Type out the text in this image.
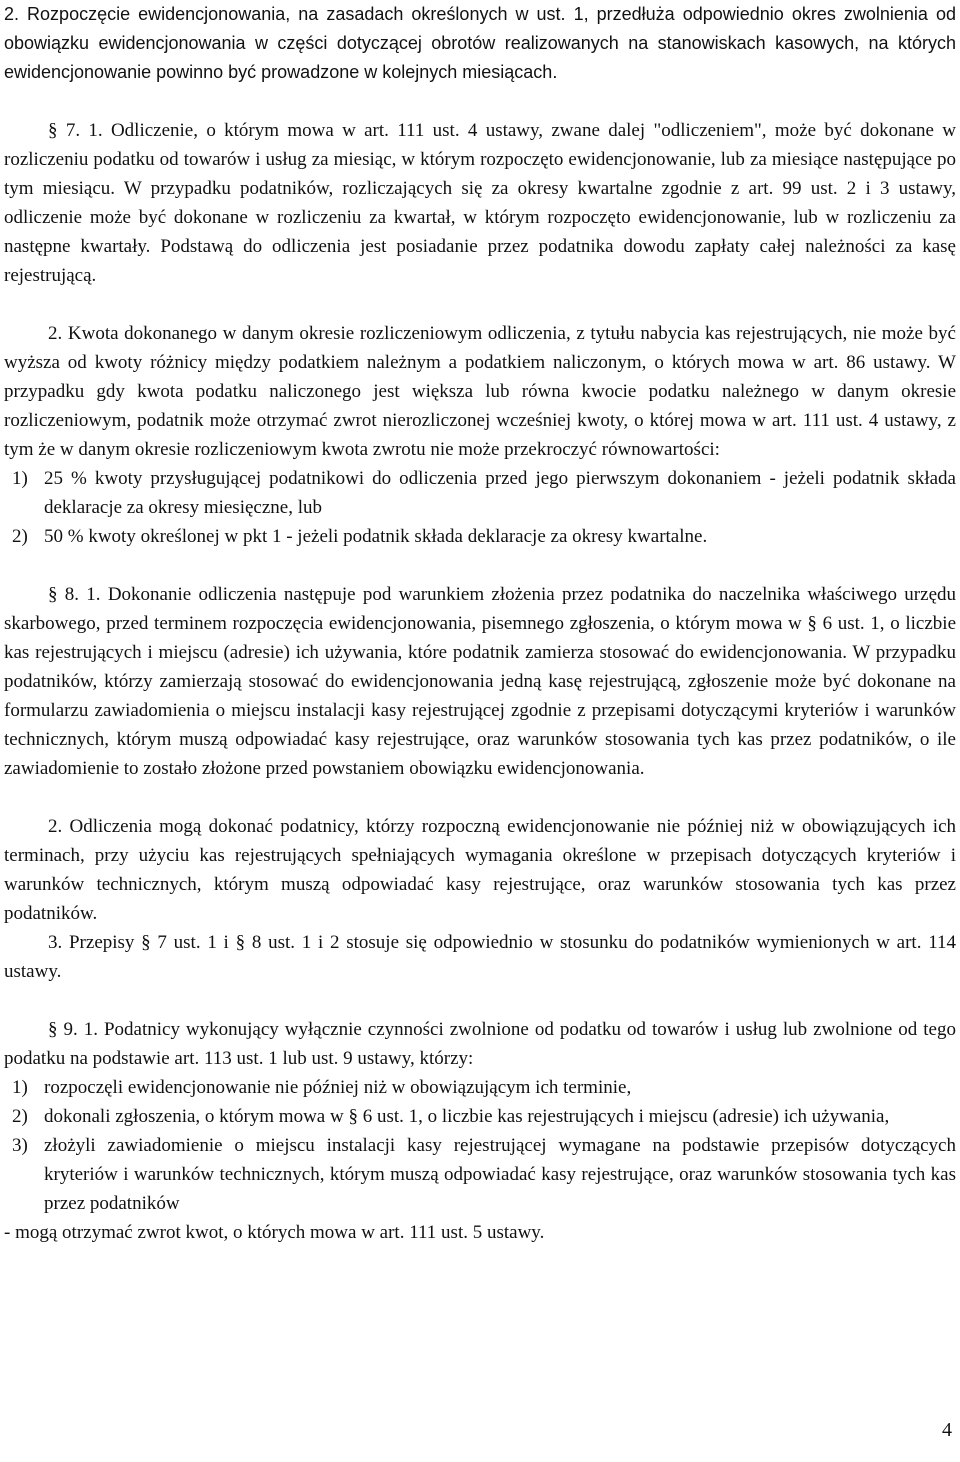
2. Rozpoczęcie ewidencjonowania, na zasadach określonych w ust. 1, przedłuża odpowiednio okres zwolnienia od obowiązku ewidencjonowania w części dotyczącej obrotów realizowanych na stanowiskach kasowych, na których ewidencjonowanie powinno być prowadzone w kolejnych miesiącach.

§ 7. 1. Odliczenie, o którym mowa w art. 111 ust. 4 ustawy, zwane dalej "odliczeniem", może być dokonane w rozliczeniu podatku od towarów i usług za miesiąc, w którym rozpoczęto ewidencjonowanie, lub za miesiące następujące po tym miesiącu. W przypadku podatników, rozliczających się za okresy kwartalne zgodnie z art. 99 ust. 2 i 3 ustawy, odliczenie może być dokonane w rozliczeniu za kwartał, w którym rozpoczęto ewidencjonowanie, lub w rozliczeniu za następne kwartały. Podstawą do odliczenia jest posiadanie przez podatnika dowodu zapłaty całej należności za kasę rejestrującą.

2. Kwota dokonanego w danym okresie rozliczeniowym odliczenia, z tytułu nabycia kas rejestrujących, nie może być wyższa od kwoty różnicy między podatkiem należnym a podatkiem naliczonym, o których mowa w art. 86 ustawy. W przypadku gdy kwota podatku naliczonego jest większa lub równa kwocie podatku należnego w danym okresie rozliczeniowym, podatnik może otrzymać zwrot nierozliczonej wcześniej kwoty, o której mowa w art. 111 ust. 4 ustawy, z tym że w danym okresie rozliczeniowym kwota zwrotu nie może przekroczyć równowartości:

1) 25 % kwoty przysługującej podatnikowi do odliczenia przed jego pierwszym dokonaniem - jeżeli podatnik składa deklaracje za okresy miesięczne, lub
2) 50 % kwoty określonej w pkt 1 - jeżeli podatnik składa deklaracje za okresy kwartalne.

§ 8. 1. Dokonanie odliczenia następuje pod warunkiem złożenia przez podatnika do naczelnika właściwego urzędu skarbowego, przed terminem rozpoczęcia ewidencjonowania, pisemnego zgłoszenia, o którym mowa w § 6 ust. 1, o liczbie kas rejestrujących i miejscu (adresie) ich używania, które podatnik zamierza stosować do ewidencjonowania. W przypadku podatników, którzy zamierzają stosować do ewidencjonowania jedną kasę rejestrującą, zgłoszenie może być dokonane na formularzu zawiadomienia o miejscu instalacji kasy rejestrującej zgodnie z przepisami dotyczącymi kryteriów i warunków technicznych, którym muszą odpowiadać kasy rejestrujące, oraz warunków stosowania tych kas przez podatników, o ile zawiadomienie to zostało złożone przed powstaniem obowiązku ewidencjonowania.

2. Odliczenia mogą dokonać podatnicy, którzy rozpoczną ewidencjonowanie nie później niż w obowiązujących ich terminach, przy użyciu kas rejestrujących spełniających wymagania określone w przepisach dotyczących kryteriów i warunków technicznych, którym muszą odpowiadać kasy rejestrujące, oraz warunków stosowania tych kas przez podatników.

3. Przepisy § 7 ust. 1 i § 8 ust. 1 i 2 stosuje się odpowiednio w stosunku do podatników wymienionych w art. 114 ustawy.

§ 9. 1. Podatnicy wykonujący wyłącznie czynności zwolnione od podatku od towarów i usług lub zwolnione od tego podatku na podstawie art. 113 ust. 1 lub ust. 9 ustawy, którzy:

1) rozpoczęli ewidencjonowanie nie później niż w obowiązującym ich terminie,
2) dokonali zgłoszenia, o którym mowa w § 6 ust. 1, o liczbie kas rejestrujących i miejscu (adresie) ich używania,
3) złożyli zawiadomienie o miejscu instalacji kasy rejestrującej wymagane na podstawie przepisów dotyczących kryteriów i warunków technicznych, którym muszą odpowiadać kasy rejestrujące, oraz warunków stosowania tych kas przez podatników

- mogą otrzymać zwrot kwot, o których mowa w art. 111 ust. 5 ustawy.

4
